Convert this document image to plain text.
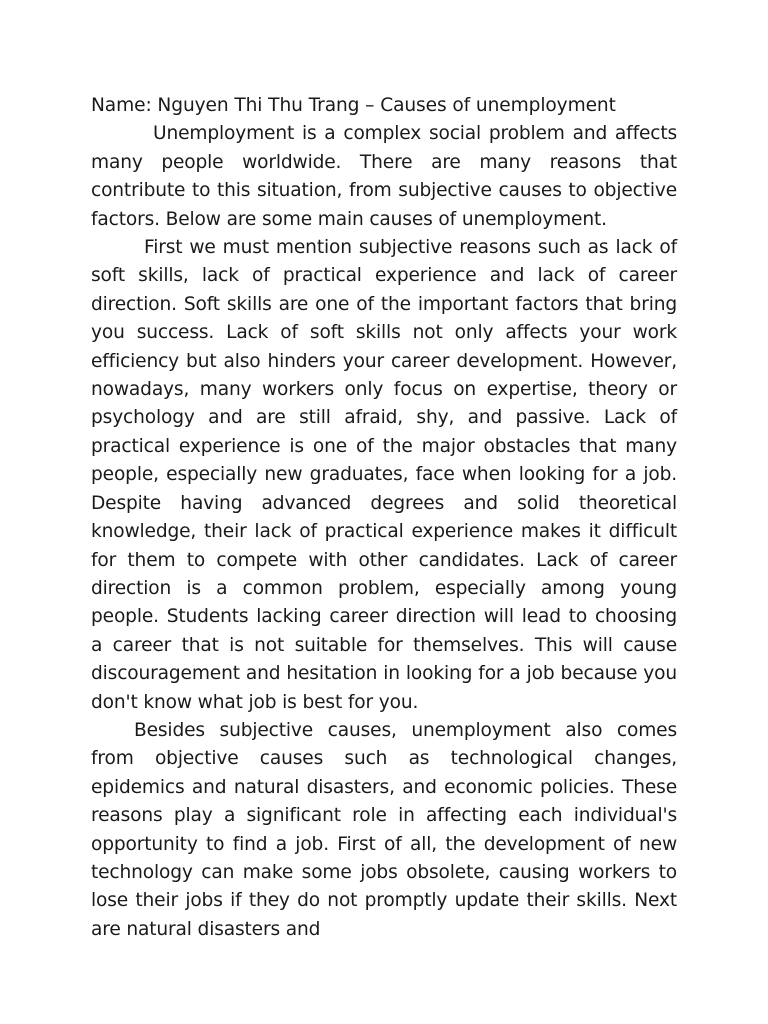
Name: Nguyen Thi Thu Trang – Causes of unemployment

Unemployment is a complex social problem and affects many people worldwide. There are many reasons that contribute to this situation, from subjective causes to objective factors. Below are some main causes of unemployment.

First we must mention subjective reasons such as lack of soft skills, lack of practical experience and lack of career direction. Soft skills are one of the important factors that bring you success. Lack of soft skills not only affects your work efficiency but also hinders your career development. However, nowadays, many workers only focus on expertise, theory or psychology and are still afraid, shy, and passive. Lack of practical experience is one of the major obstacles that many people, especially new graduates, face when looking for a job. Despite having advanced degrees and solid theoretical knowledge, their lack of practical experience makes it difficult for them to compete with other candidates. Lack of career direction is a common problem, especially among young people. Students lacking career direction will lead to choosing a career that is not suitable for themselves. This will cause discouragement and hesitation in looking for a job because you don't know what job is best for you.

Besides subjective causes, unemployment also comes from objective causes such as technological changes, epidemics and natural disasters, and economic policies. These reasons play a significant role in affecting each individual's opportunity to find a job. First of all, the development of new technology can make some jobs obsolete, causing workers to lose their jobs if they do not promptly update their skills. Next are natural disasters and
